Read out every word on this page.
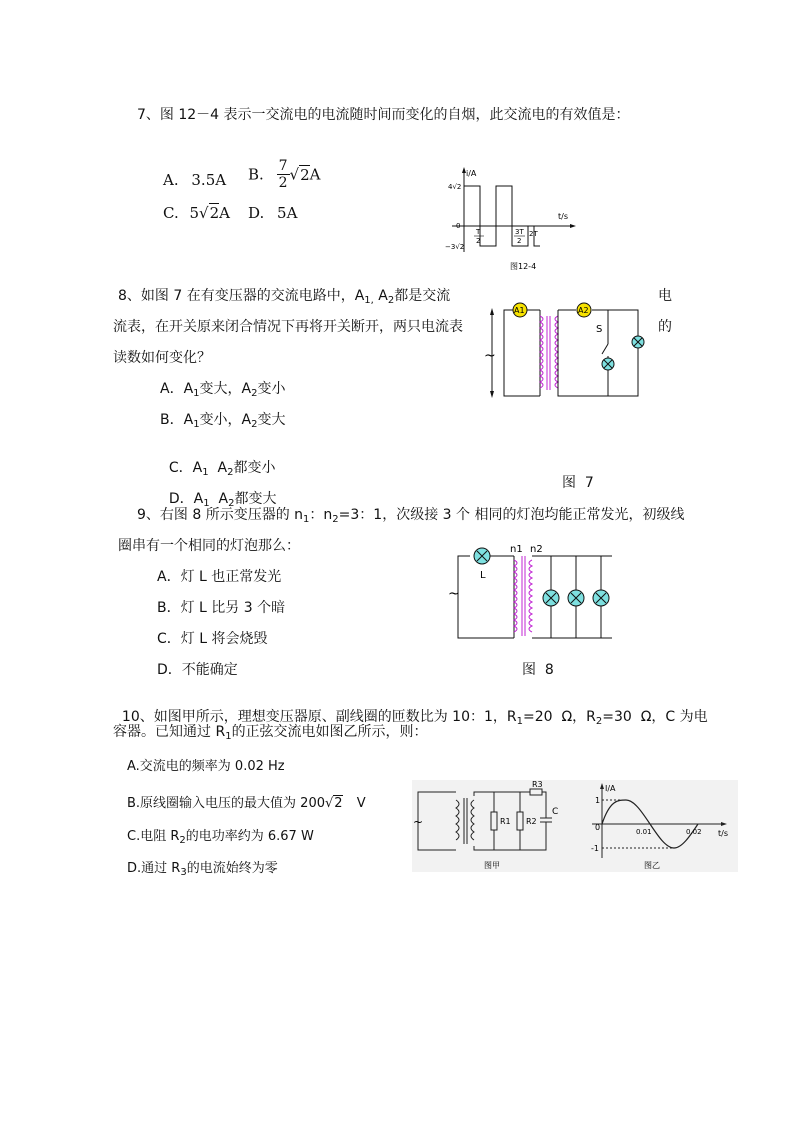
7、图 12－4 表示一交流电的电流随时间而变化的自烟，此交流电的有效值是：
A. 3.5A B. $\frac{7}{2} √2A$
C. 5√2A D. 5A
i/A
t/s
4√2
0
−3√2
T
2
3T
2
2T
图12-4
8、如图 7 在有变压器的交流电路中，$A_{1,}$ $A_2$都是交流	电
流表，在开关原来闭合情况下再将开关断开，两只电流表	的
读数如何变化？
A．$A_1$变大，$A_2$变小
B．$A_1$变小，$A_2$变大

C．$A_1$  $A_2$都变小

D．$A_1$  $A_2$都变大

A1	A2
S
~
图  7
9、右图 8 所示变压器的 $n_1$：$n_2=3$：1，次级接 3 个 相同的灯泡均能正常发光，初级线
圈串有一个相同的灯泡那么：
A．灯 L 也正常发光
B．灯 L 比另 3 个暗
C．灯 L 将会烧毁
D．不能确定
L
n1 n2
~
图  8

10、如图甲所示，理想变压器原、副线圈的匝数比为 10：1，$R_1=20$  Ω，$R_2=30$  Ω，C 为电

容器。已知通过 $R_1$的正弦交流电如图乙所示，则：
A.交流电的频率为 0.02 Hz
B.原线圈输入电压的最大值为 200√2 V
C.电阻 $R_2$的电功率约为 6.67 W
D.通过 $R_3$的电流始终为零
~	R1 R2
R3
C
图甲
I/A
t/s
1
-1
0	0.01	0.02
图乙
